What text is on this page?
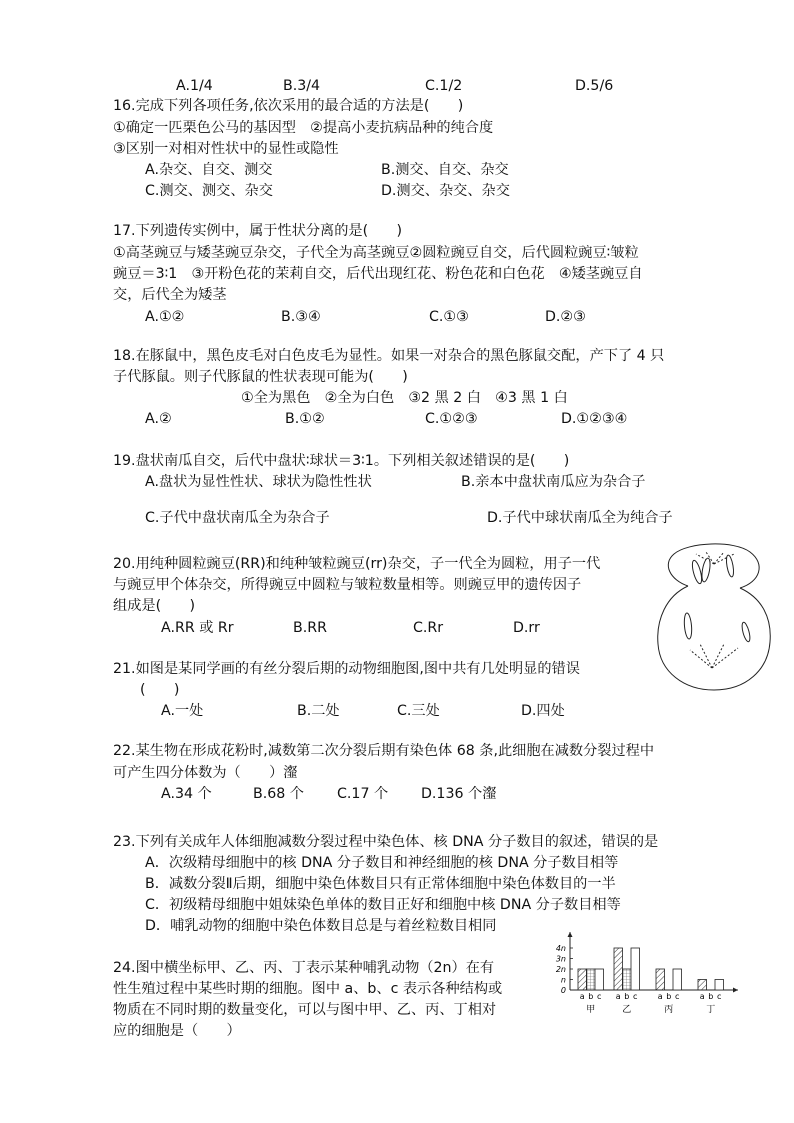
A.1/4	B.3/4	C.1/2	D.5/6
16.完成下列各项任务,依次采用的最合适的方法是(　　)
①确定一匹栗色公马的基因型　②提高小麦抗病品种的纯合度
③区别一对相对性状中的显性或隐性
A.杂交、自交、测交	B.测交、自交、杂交
C.测交、测交、杂交	D.测交、杂交、杂交
17.下列遗传实例中，属于性状分离的是(　　)
①高茎豌豆与矮茎豌豆杂交，子代全为高茎豌豆②圆粒豌豆自交，后代圆粒豌豆∶皱粒
豌豆＝3∶1　③开粉色花的茉莉自交，后代出现红花、粉色花和白色花　④矮茎豌豆自
交，后代全为矮茎
A.①②	B.③④	C.①③	D.②③
18.在豚鼠中，黑色皮毛对白色皮毛为显性。如果一对杂合的黑色豚鼠交配，产下了 4 只
子代豚鼠。则子代豚鼠的性状表现可能为(　　)
①全为黑色　②全为白色　③2 黑 2 白　④3 黑 1 白
A.②	B.①②	C.①②③	D.①②③④
19.盘状南瓜自交，后代中盘状∶球状＝3∶1。下列相关叙述错误的是(　　)
A.盘状为显性性状、球状为隐性性状	B.亲本中盘状南瓜应为杂合子
C.子代中盘状南瓜全为杂合子	D.子代中球状南瓜全为纯合子
20.用纯种圆粒豌豆(RR)和纯种皱粒豌豆(rr)杂交，子一代全为圆粒，用子一代
与豌豆甲个体杂交，所得豌豆中圆粒与皱粒数量相等。则豌豆甲的遗传因子
组成是(　　)
A.RR 或 Rr	B.RR	C.Rr	D.rr
21.如图是某同学画的有丝分裂后期的动物细胞图,图中共有几处明显的错误
(　　)
A.一处	B.二处	C.三处	D.四处
22.某生物在形成花粉时,减数第二次分裂后期有染色体 68 条,此细胞在减数分裂过程中
可产生四分体数为（　　）瀣
A.34 个	B.68 个 C.17 个 D.136 个瀣
23.下列有关成年人体细胞减数分裂过程中染色体、核 DNA 分子数目的叙述，错误的是
A．次级精母细胞中的核 DNA 分子数目和神经细胞的核 DNA 分子数目相等
B．减数分裂Ⅱ后期，细胞中染色体数目只有正常体细胞中染色体数目的一半
C．初级精母细胞中姐妹染色单体的数目正好和细胞中核 DNA 分子数目相等
D．哺乳动物的细胞中染色体数目总是与着丝粒数目相同
24.图中横坐标甲、乙、丙、丁表示某种哺乳动物（2n）在有
性生殖过程中某些时期的细胞。图中 a、b、c 表示各种结构或
物质在不同时期的数量变化，可以与图中甲、乙、丙、丁相对
应的细胞是（　　）
4n
3n
2n
n
0
a b c
甲
a b c
乙
a b c
丙
a b c
丁
